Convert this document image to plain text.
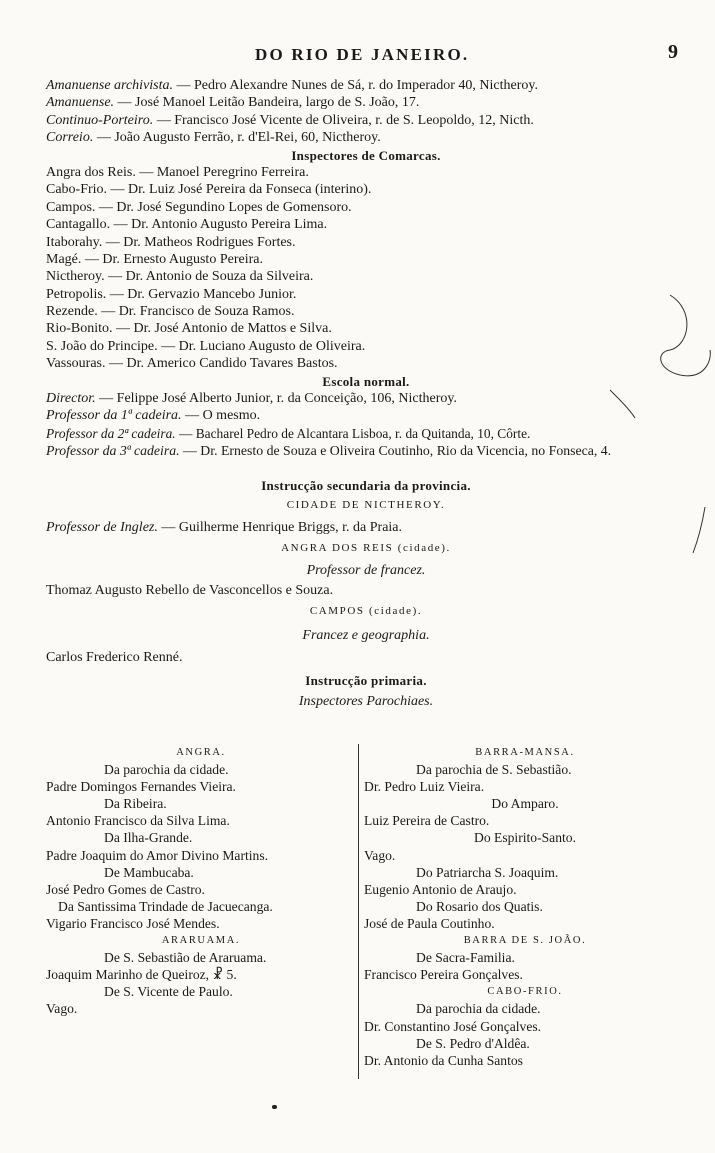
DO RIO DE JANEIRO.	9
Amanuense archivista. — Pedro Alexandre Nunes de Sá, r. do Imperador 40, Nictheroy.
Amanuense. — José Manoel Leitão Bandeira, largo de S. João, 17.
Continuo-Porteiro. — Francisco José Vicente de Oliveira, r. de S. Leopoldo, 12, Nicth.
Correio. — João Augusto Ferrão, r. d'El-Rei, 60, Nictheroy.
Inspectores de Comarcas.
Angra dos Reis. — Manoel Peregrino Ferreira.
Cabo-Frio. — Dr. Luiz José Pereira da Fonseca (interino).
Campos. — Dr. José Segundino Lopes de Gomensoro.
Cantagallo. — Dr. Antonio Augusto Pereira Lima.
Itaborahy. — Dr. Matheos Rodrigues Fortes.
Magé. — Dr. Ernesto Augusto Pereira.
Nictheroy. — Dr. Antonio de Souza da Silveira.
Petropolis. — Dr. Gervazio Mancebo Junior.
Rezende. — Dr. Francisco de Souza Ramos.
Rio-Bonito. — Dr. José Antonio de Mattos e Silva.
S. João do Principe. — Dr. Luciano Augusto de Oliveira.
Vassouras. — Dr. Americo Candido Tavares Bastos.
Escola normal.
Director. — Felippe José Alberto Junior, r. da Conceição, 106, Nictheroy.
Professor da 1ª cadeira. — O mesmo.
Professor da 2ª cadeira. — Bacharel Pedro de Alcantara Lisboa, r. da Quitanda, 10, Côrte.
Professor da 3ª cadeira. — Dr. Ernesto de Souza e Oliveira Coutinho, Rio da Vicencia, no Fonseca, 4.
Instrucção secundaria da provincia.
CIDADE DE NICTHEROY.
Professor de Inglez. — Guilherme Henrique Briggs, r. da Praia.
ANGRA DOS REIS (cidade).
Professor de francez.
Thomaz Augusto Rebello de Vasconcellos e Souza.
CAMPOS (cidade).
Francez e geographia.
Carlos Frederico Renné.
Instrucção primaria.
Inspectores Parochiaes.
ANGRA.
Da parochia da cidade.
Padre Domingos Fernandes Vieira.
Da Ribeira.
Antonio Francisco da Silva Lima.
Da Ilha-Grande.
Padre Joaquim do Amor Divino Martins.
De Mambucaba.
José Pedro Gomes de Castro.
Da Santissima Trindade de Jacuecanga.
Vigario Francisco José Mendes.
ARARUAMA.
De S. Sebastião de Araruama.
Joaquim Marinho de Queiroz, ☧ 5.
De S. Vicente de Paulo.
Vago.
BARRA-MANSA.
Da parochia de S. Sebastião.
Dr. Pedro Luiz Vieira.
Do Amparo.
Luiz Pereira de Castro.
Do Espirito-Santo.
Vago.
Do Patriarcha S. Joaquim.
Eugenio Antonio de Araujo.
Do Rosario dos Quatis.
José de Paula Coutinho.
BARRA DE S. JOÃO.
De Sacra-Familia.
Francisco Pereira Gonçalves.
CABO-FRIO.
Da parochia da cidade.
Dr. Constantino José Gonçalves.
De S. Pedro d'Aldêa.
Dr. Antonio da Cunha Santos
